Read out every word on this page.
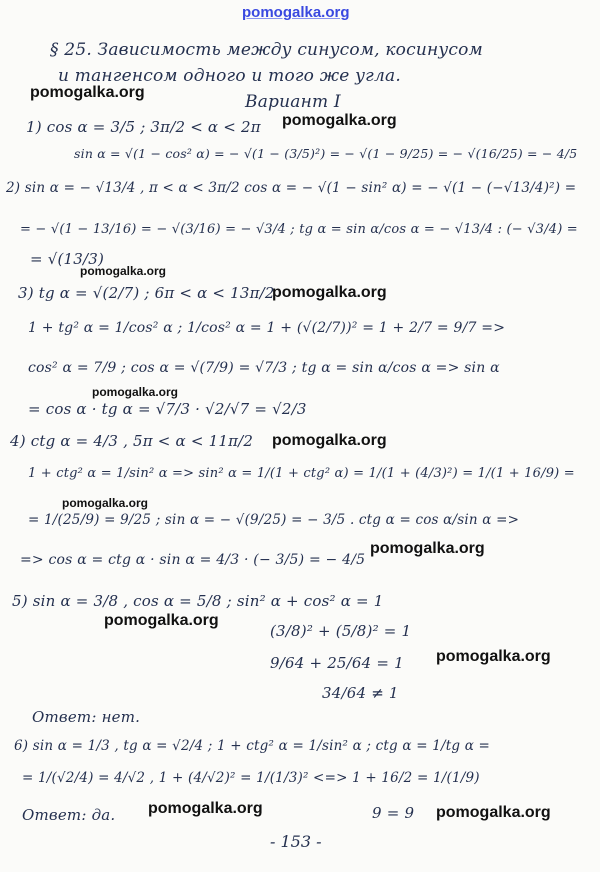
pomogalka.org
§ 25. Зависимость между синусом, косинусом
и тангенсом одного и того же угла.
Вариант I
pomogalka.org
pomogalka.org
pomogalka.org
pomogalka.org
pomogalka.org
pomogalka.org
pomogalka.org
pomogalka.org
pomogalka.org
pomogalka.org
pomogalka.org	pomogalka.org
1) cos α = 3/5 ; 3π/2 < α < 2π
sin α = √(1 − cos² α) = − √(1 − (3/5)²) = − √(1 − 9/25) = − √(16/25) = − 4/5
2) sin α = − √13/4 , π < α < 3π/2 cos α = − √(1 − sin² α) = − √(1 − (−√13/4)²) =
= − √(1 − 13/16) = − √(3/16) = − √3/4 ; tg α = sin α/cos α = − √13/4 : (− √3/4) =
= √(13/3)
3) tg α = √(2/7) ; 6π < α < 13π/2
1 + tg² α = 1/cos² α ; 1/cos² α = 1 + (√(2/7))² = 1 + 2/7 = 9/7 =>
cos² α = 7/9 ; cos α = √(7/9) = √7/3 ; tg α = sin α/cos α => sin α
= cos α · tg α = √7/3 · √2/√7 = √2/3
4) ctg α = 4/3 , 5π < α < 11π/2
1 + ctg² α = 1/sin² α => sin² α = 1/(1 + ctg² α) = 1/(1 + (4/3)²) = 1/(1 + 16/9) =
= 1/(25/9) = 9/25 ; sin α = − √(9/25) = − 3/5 . ctg α = cos α/sin α =>
=> cos α = ctg α · sin α = 4/3 · (− 3/5) = − 4/5
5) sin α = 3/8 , cos α = 5/8 ; sin² α + cos² α = 1
(3/8)² + (5/8)² = 1
9/64 + 25/64 = 1
34/64 ≠ 1
Ответ: нет.
6) sin α = 1/3 , tg α = √2/4 ; 1 + ctg² α = 1/sin² α ; ctg α = 1/tg α =
= 1/(√2/4) = 4/√2 , 1 + (4/√2)² = 1/(1/3)² <=> 1 + 16/2 = 1/(1/9)
Ответ: да.	9 = 9
- 153 -
